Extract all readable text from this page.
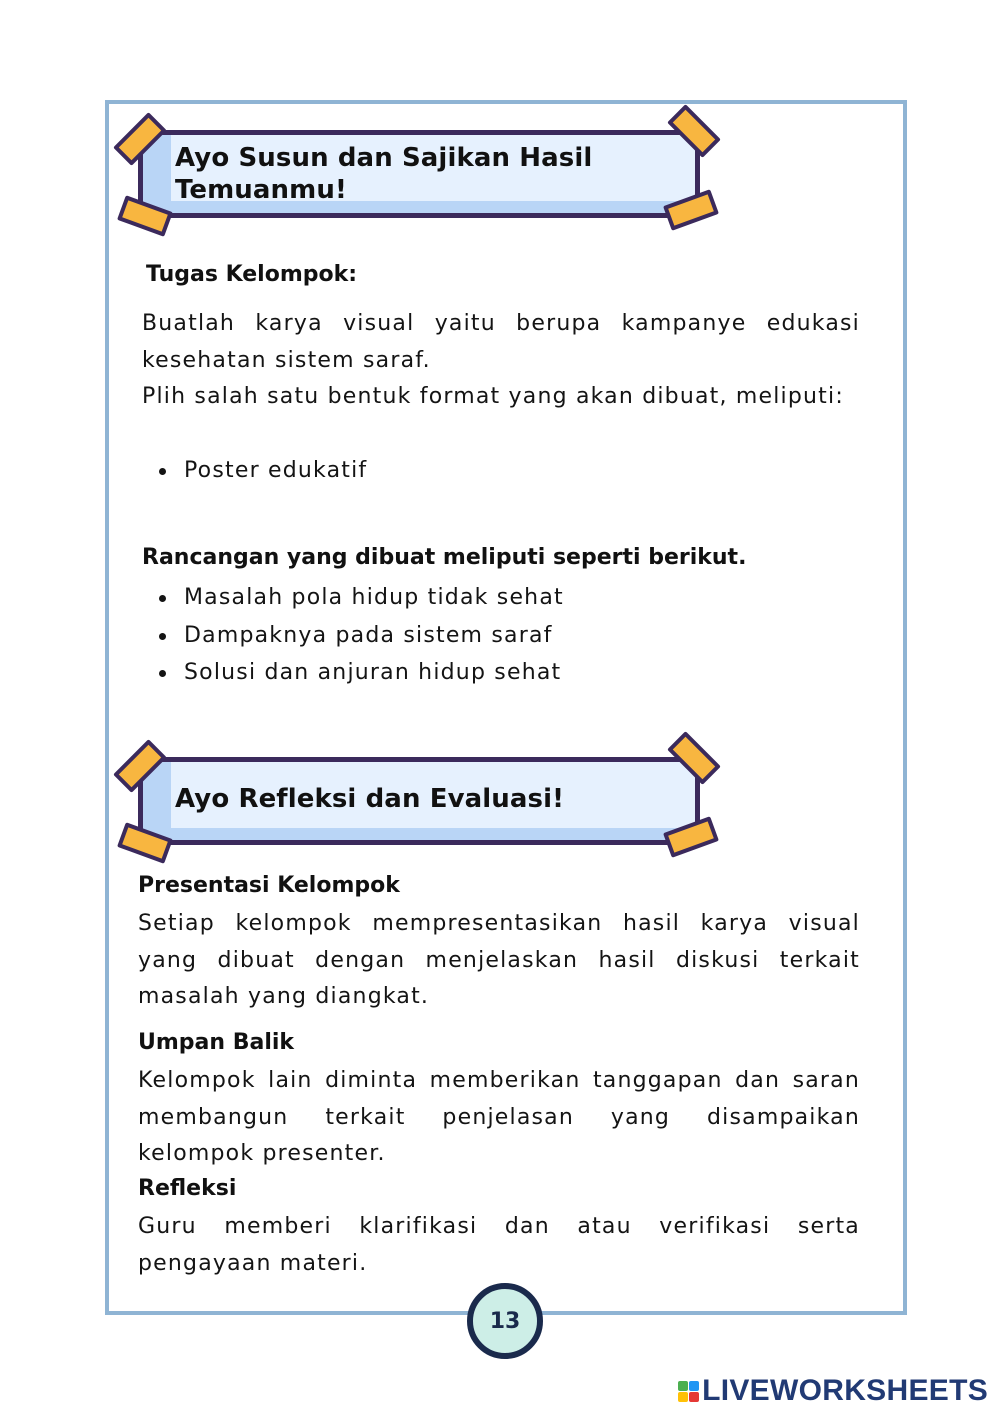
Ayo Susun dan Sajikan Hasil
Temuanmu!
Tugas Kelompok:

Buatlah karya visual yaitu berupa kampanye edukasi kesehatan sistem saraf.

Plih salah satu bentuk format yang akan dibuat, meliputi:

Poster edukatif
Rancangan yang dibuat meliputi seperti berikut.
Masalah pola hidup tidak sehat
Dampaknya pada sistem saraf
Solusi dan anjuran hidup sehat
Ayo Refleksi dan Evaluasi!
Presentasi Kelompok

Setiap kelompok mempresentasikan hasil karya visual yang dibuat dengan menjelaskan hasil diskusi terkait masalah yang diangkat.

Umpan Balik

Kelompok lain diminta memberikan tanggapan dan saran membangun terkait penjelasan yang disampaikan kelompok presenter.

Refleksi

Guru memberi klarifikasi dan atau verifikasi serta pengayaan materi.

13
LIVEWORKSHEETS
